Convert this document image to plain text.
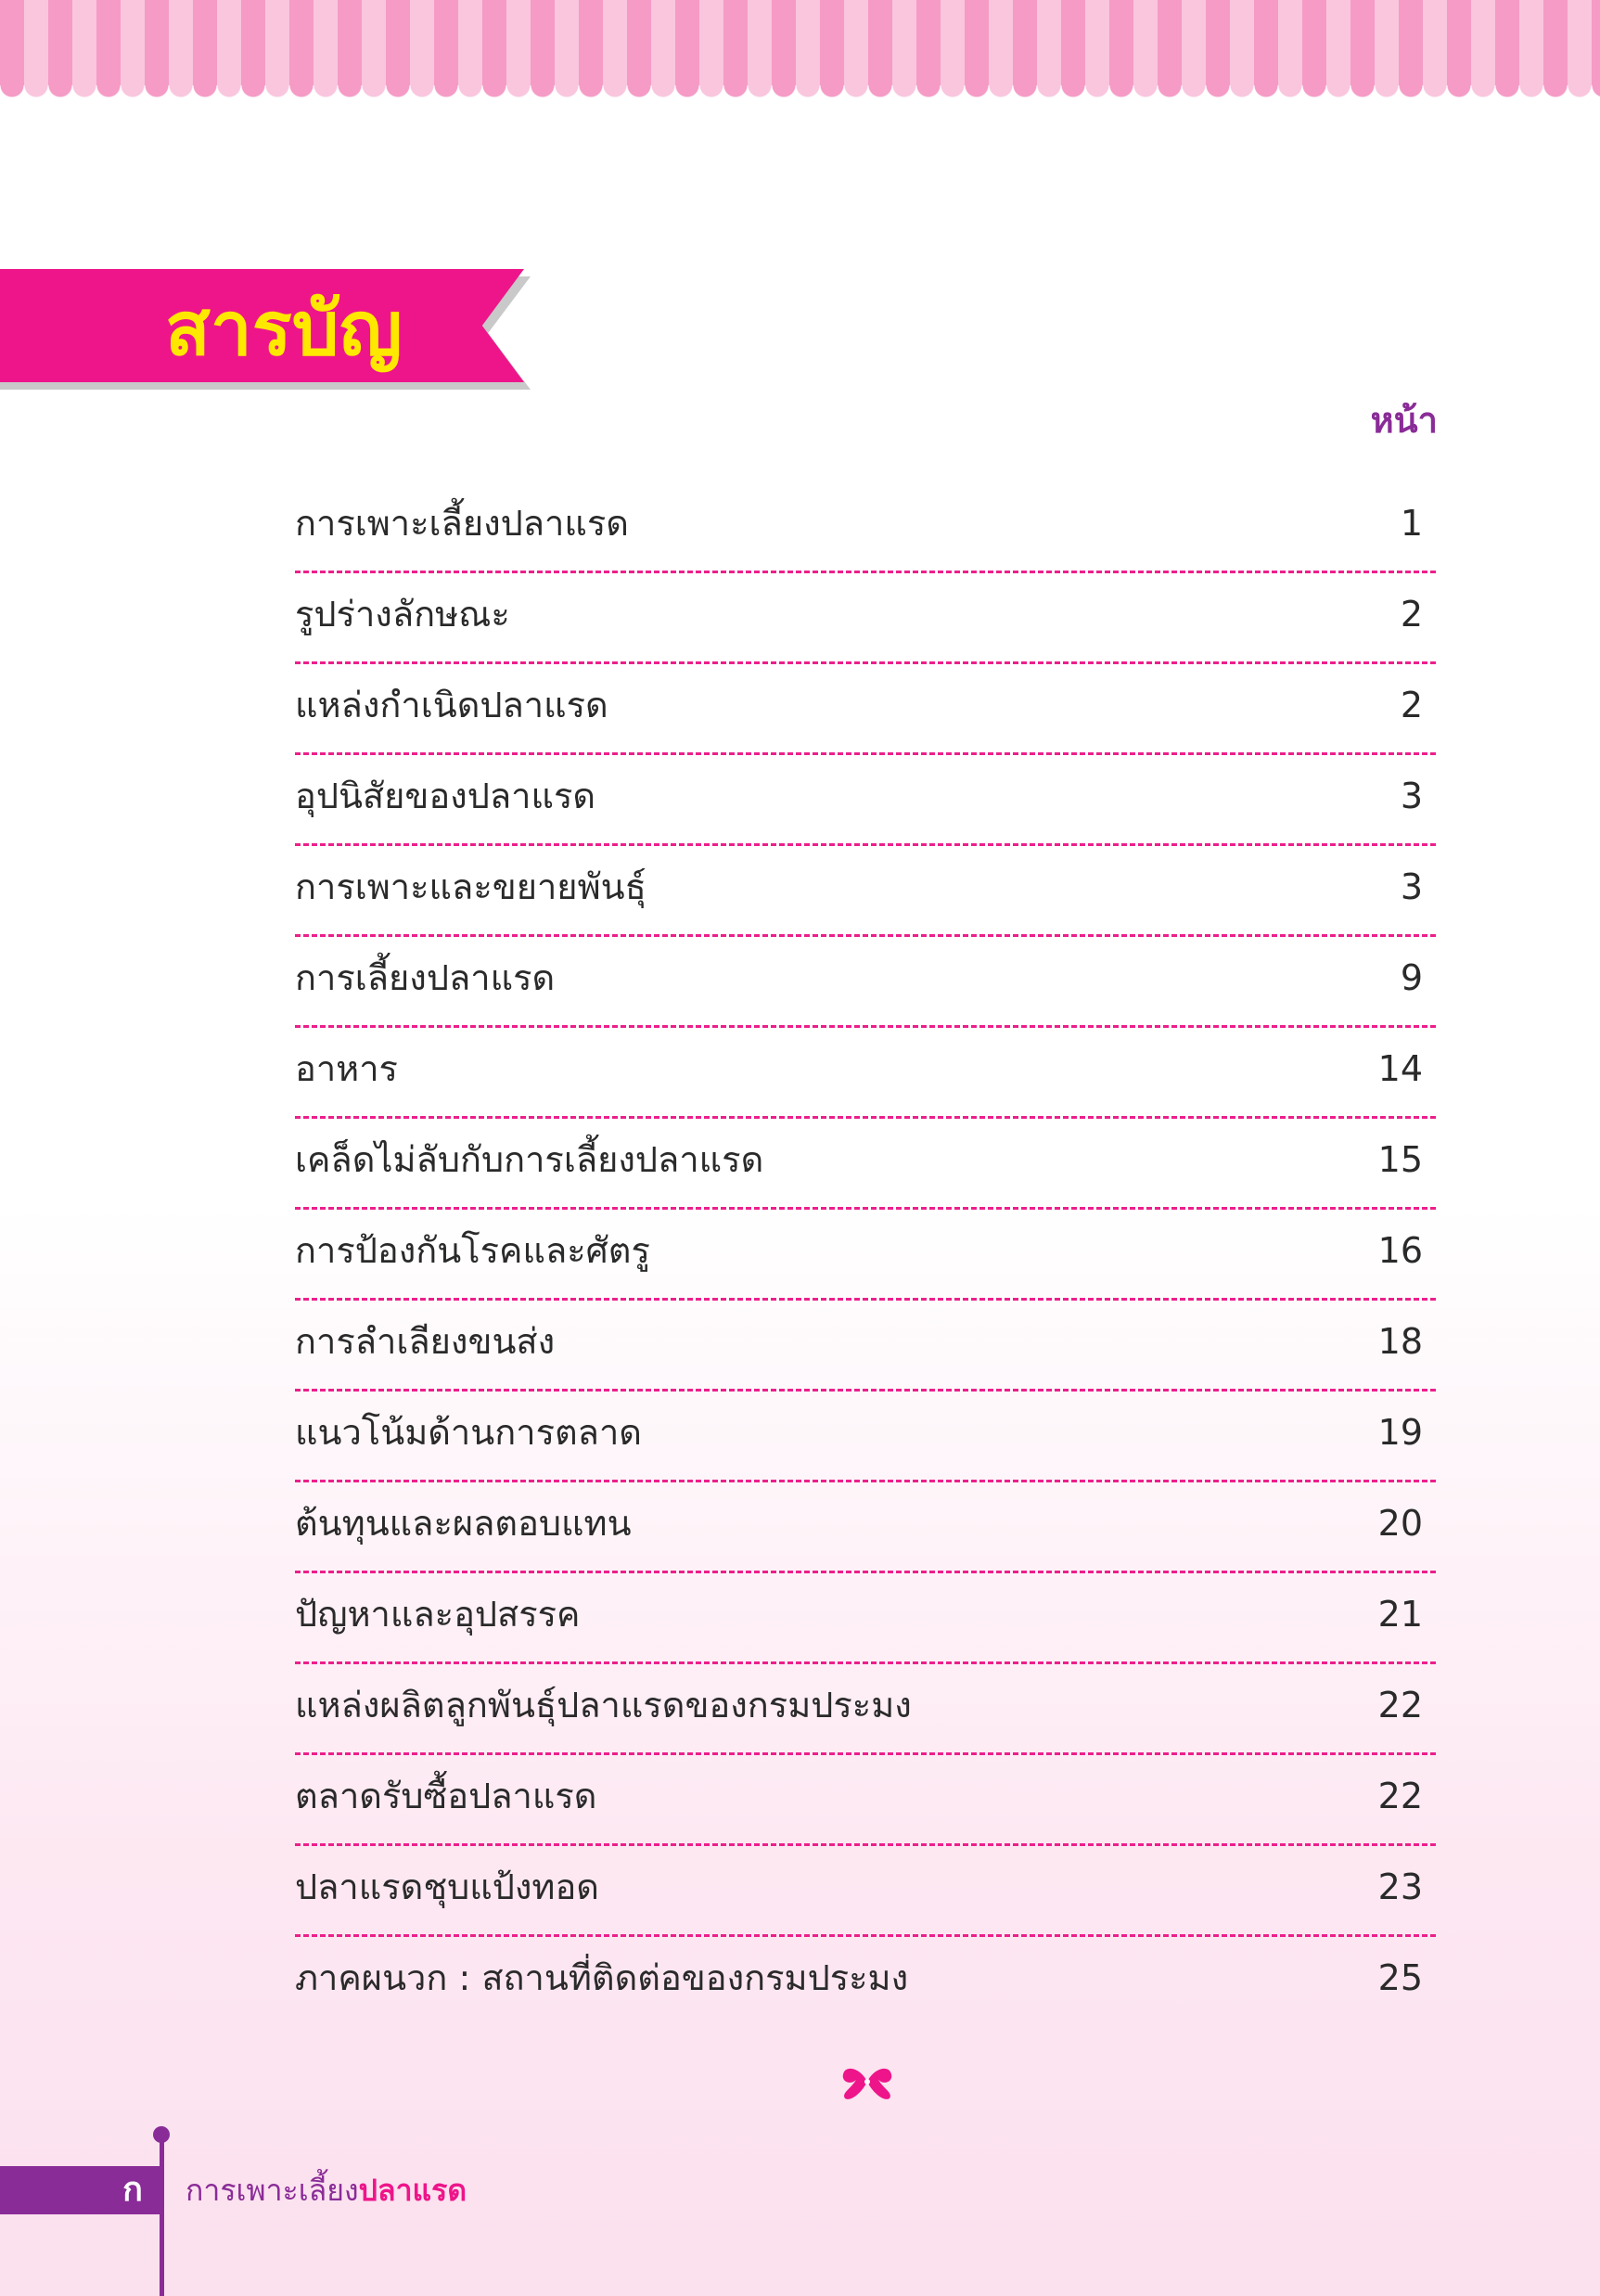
สารบัญ
หน้า
การเพาะเลี้ยงปลาแรด	1
รูปร่างลักษณะ	2
แหล่งกำเนิดปลาแรด	2
อุปนิสัยของปลาแรด	3
การเพาะและขยายพันธุ์	3
การเลี้ยงปลาแรด	9
อาหาร	14
เคล็ดไม่ลับกับการเลี้ยงปลาแรด	15
การป้องกันโรคและศัตรู	16
การลำเลียงขนส่ง	18
แนวโน้มด้านการตลาด	19
ต้นทุนและผลตอบแทน	20
ปัญหาและอุปสรรค	21
แหล่งผลิตลูกพันธุ์ปลาแรดของกรมประมง	22
ตลาดรับซื้อปลาแรด	22
ปลาแรดชุบแป้งทอด	23
ภาคผนวก : สถานที่ติดต่อของกรมประมง	25
ก	การเพาะเลี้ยงปลาแรด
